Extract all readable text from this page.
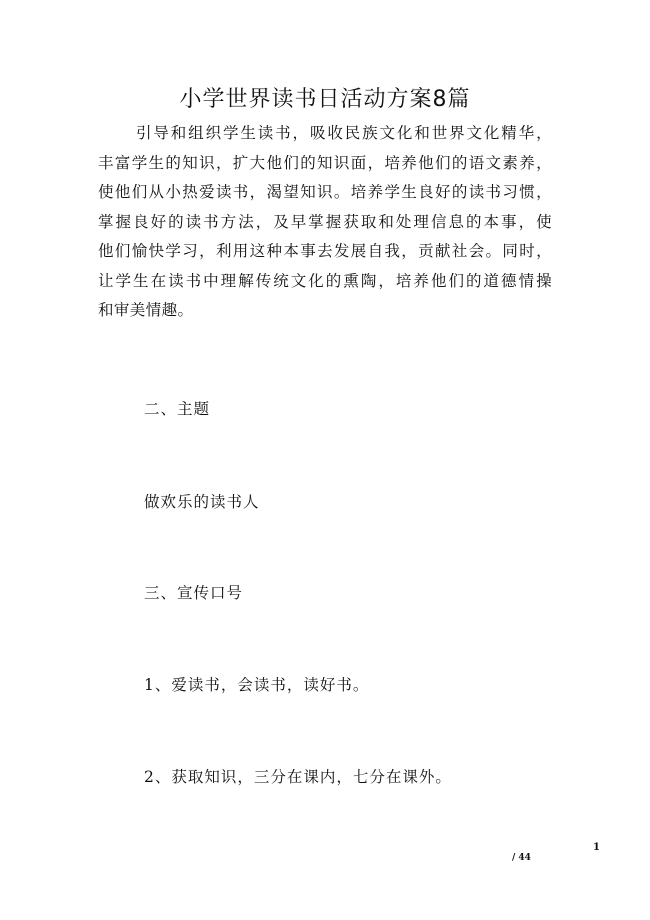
小学世界读书日活动方案8篇
引导和组织学生读书，吸收民族文化和世界文化精华，
丰富学生的知识，扩大他们的知识面，培养他们的语文素养，
使他们从小热爱读书，渴望知识。培养学生良好的读书习惯，
掌握良好的读书方法，及早掌握获取和处理信息的本事，使
他们愉快学习，利用这种本事去发展自我，贡献社会。同时，
让学生在读书中理解传统文化的熏陶，培养他们的道德情操
和审美情趣。
二、主题
做欢乐的读书人
三、宣传口号
1、爱读书，会读书，读好书。
2、获取知识，三分在课内，七分在课外。
1
/ 44
